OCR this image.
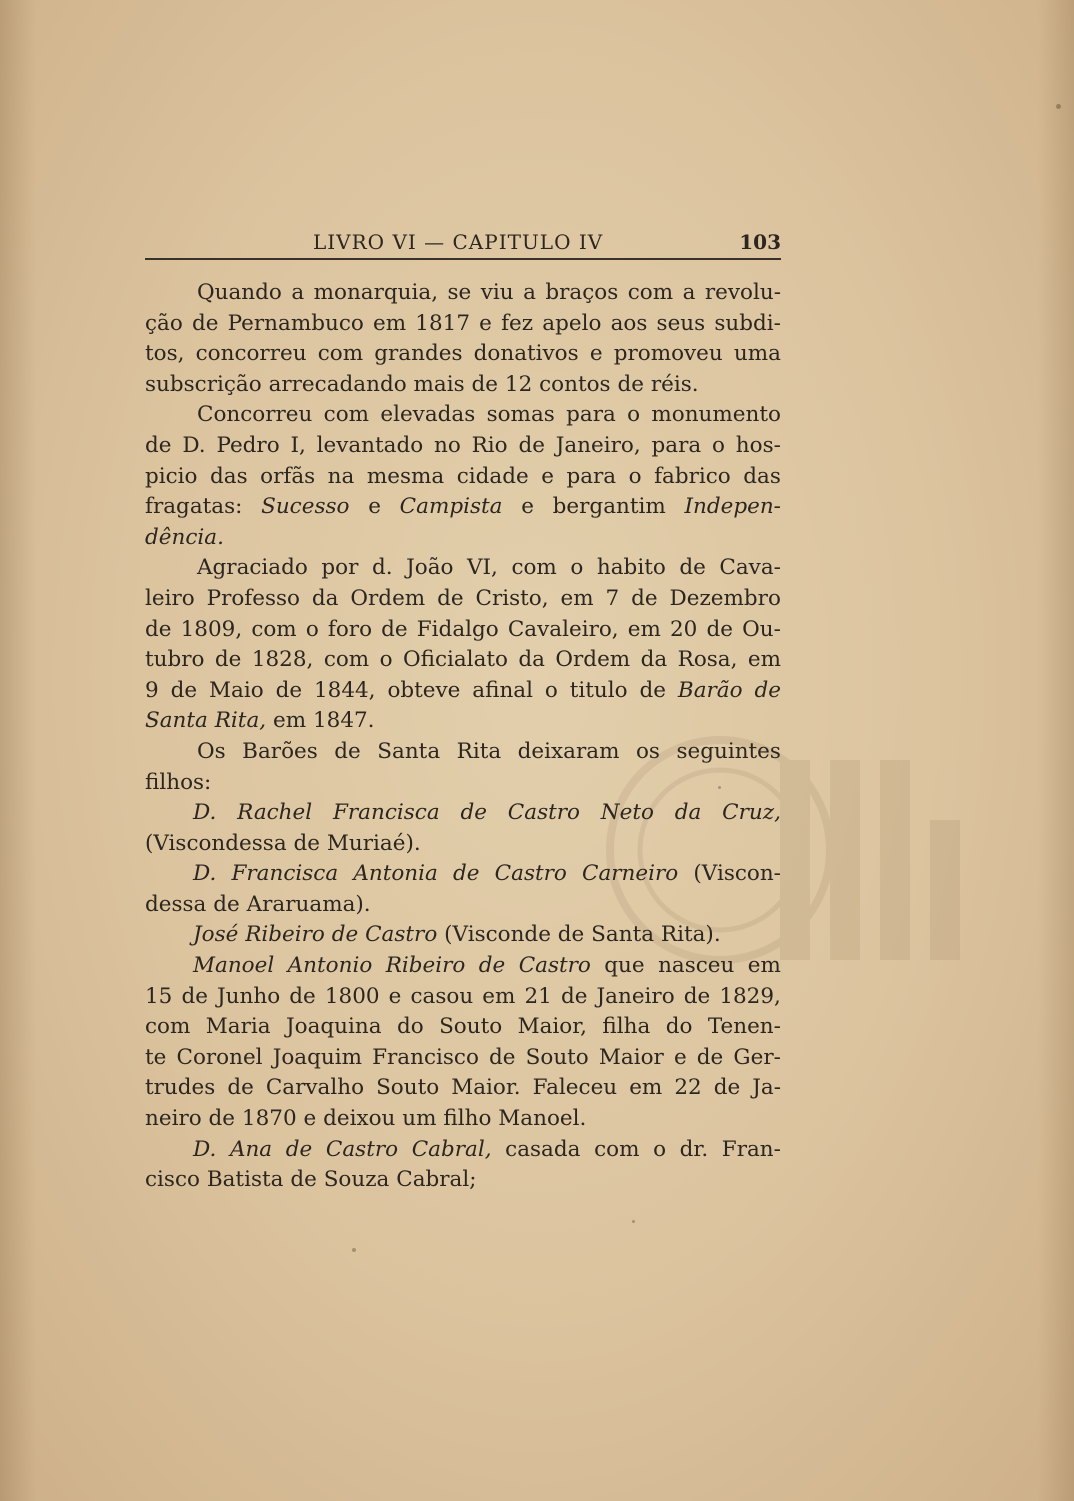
LIVRO VI — CAPITULO IV	103
Quando a monarquia, se viu a braços com a revolu-
ção de Pernambuco em 1817 e fez apelo aos seus subdi-
tos, concorreu com grandes donativos e promoveu uma
subscrição arrecadando mais de 12 contos de réis.
Concorreu com elevadas somas para o monumento
de D. Pedro I, levantado no Rio de Janeiro, para o hos-
picio das orfãs na mesma cidade e para o fabrico das
fragatas: Sucesso e Campista e bergantim Indepen-
dência.
Agraciado por d. João VI, com o habito de Cava-
leiro Professo da Ordem de Cristo, em 7 de Dezembro
de 1809, com o foro de Fidalgo Cavaleiro, em 20 de Ou-
tubro de 1828, com o Oficialato da Ordem da Rosa, em
9 de Maio de 1844, obteve afinal o titulo de Barão de
Santa Rita, em 1847.
Os Barões de Santa Rita deixaram os seguintes
filhos:
D. Rachel Francisca de Castro Neto da Cruz,
(Viscondessa de Muriaé).
D. Francisca Antonia de Castro Carneiro (Viscon-
dessa de Araruama).
José Ribeiro de Castro (Visconde de Santa Rita).
Manoel Antonio Ribeiro de Castro que nasceu em
15 de Junho de 1800 e casou em 21 de Janeiro de 1829,
com Maria Joaquina do Souto Maior, filha do Tenen-
te Coronel Joaquim Francisco de Souto Maior e de Ger-
trudes de Carvalho Souto Maior. Faleceu em 22 de Ja-
neiro de 1870 e deixou um filho Manoel.
D. Ana de Castro Cabral, casada com o dr. Fran-
cisco Batista de Souza Cabral;
